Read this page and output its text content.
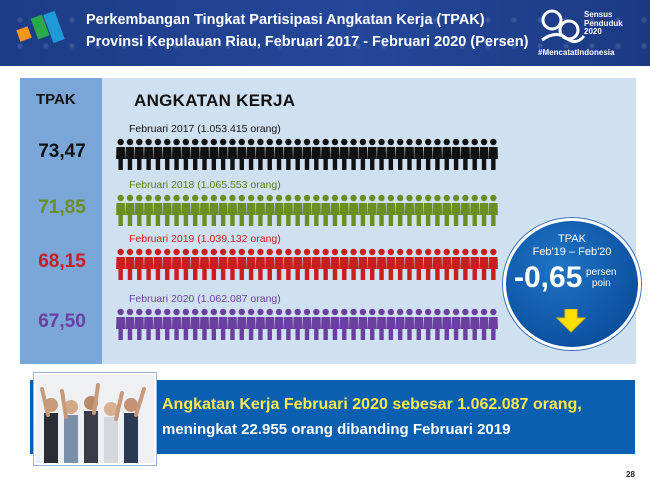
Perkembangan Tingkat Partisipasi Angkatan Kerja (TPAK)
Provinsi Kepulauan Riau, Februari 2017 - Februari 2020 (Persen)
Sensus
Penduduk
2020
#MencatatIndonesia
TPAK	ANGKATAN KERJA
73,47
Februari 2017 (1.053.415 orang)
71,85
Februari 2018 (1.065.553 orang)
68,15
Februari 2019 (1.039.132 orang)
67,50
Februari 2020 (1.062.087 orang)
TPAK
Feb'19 – Feb'20
-0,65 persen
poin
Angkatan Kerja Februari 2020 sebesar 1.062.087 orang,
meningkat 22.955 orang dibanding Februari 2019
28
